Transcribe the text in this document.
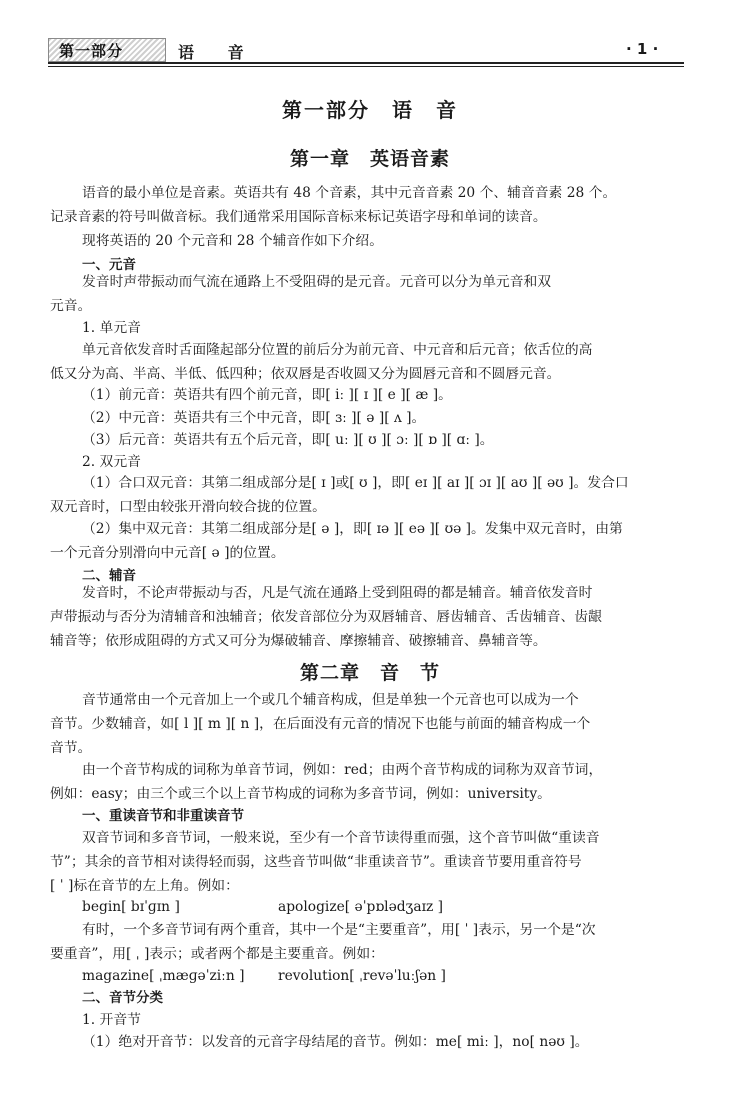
第一部分	语 音	· 1 ·
第一部分　语　音
第一章　英语音素
语音的最小单位是音素。英语共有 48 个音素，其中元音音素 20 个、辅音音素 28 个。
记录音素的符号叫做音标。我们通常采用国际音标来标记英语字母和单词的读音。
现将英语的 20 个元音和 28 个辅音作如下介绍。
一、元音
发音时声带振动而气流在通路上不受阻碍的是元音。元音可以分为单元音和双
元音。
1. 单元音
单元音依发音时舌面隆起部分位置的前后分为前元音、中元音和后元音；依舌位的高
低又分为高、半高、半低、低四种；依双唇是否收圆又分为圆唇元音和不圆唇元音。
（1）前元音：英语共有四个前元音，即[ iː ][ ɪ ][ e ][ æ ]。
（2）中元音：英语共有三个中元音，即[ ɜː ][ ə ][ ʌ ]。
（3）后元音：英语共有五个后元音，即[ uː ][ ʊ ][ ɔː ][ ɒ ][ ɑː ]。
2. 双元音
（1）合口双元音：其第二组成部分是[ ɪ ]或[ ʊ ]，即[ eɪ ][ aɪ ][ ɔɪ ][ aʊ ][ əʊ ]。发合口
双元音时，口型由较张开滑向较合拢的位置。
（2）集中双元音：其第二组成部分是[ ə ]，即[ ɪə ][ eə ][ ʊə ]。发集中双元音时，由第
一个元音分别滑向中元音[ ə ]的位置。
二、辅音
发音时，不论声带振动与否，凡是气流在通路上受到阻碍的都是辅音。辅音依发音时
声带振动与否分为清辅音和浊辅音；依发音部位分为双唇辅音、唇齿辅音、舌齿辅音、齿龈
辅音等；依形成阻碍的方式又可分为爆破辅音、摩擦辅音、破擦辅音、鼻辅音等。
第二章　音　节
音节通常由一个元音加上一个或几个辅音构成，但是单独一个元音也可以成为一个
音节。少数辅音，如[ l ][ m ][ n ]，在后面没有元音的情况下也能与前面的辅音构成一个
音节。
由一个音节构成的词称为单音节词，例如：red；由两个音节构成的词称为双音节词，
例如：easy；由三个或三个以上音节构成的词称为多音节词，例如：university。
一、重读音节和非重读音节
双音节词和多音节词，一般来说，至少有一个音节读得重而强，这个音节叫做“重读音
节”；其余的音节相对读得轻而弱，这些音节叫做“非重读音节”。重读音节要用重音符号
[ ˈ ]标在音节的左上角。例如：
begin[ bɪˈɡɪn ]	apologize[ əˈpɒlədʒaɪz ]
有时，一个多音节词有两个重音，其中一个是“主要重音”，用[ ˈ ]表示，另一个是“次
要重音”，用[ ˌ ]表示；或者两个都是主要重音。例如：
magazine[ ˌmæɡəˈziːn ] revolution[ ˌrevəˈluːʃən ]
二、音节分类
1. 开音节
（1）绝对开音节：以发音的元音字母结尾的音节。例如：me[ miː ]，no[ nəʊ ]。
